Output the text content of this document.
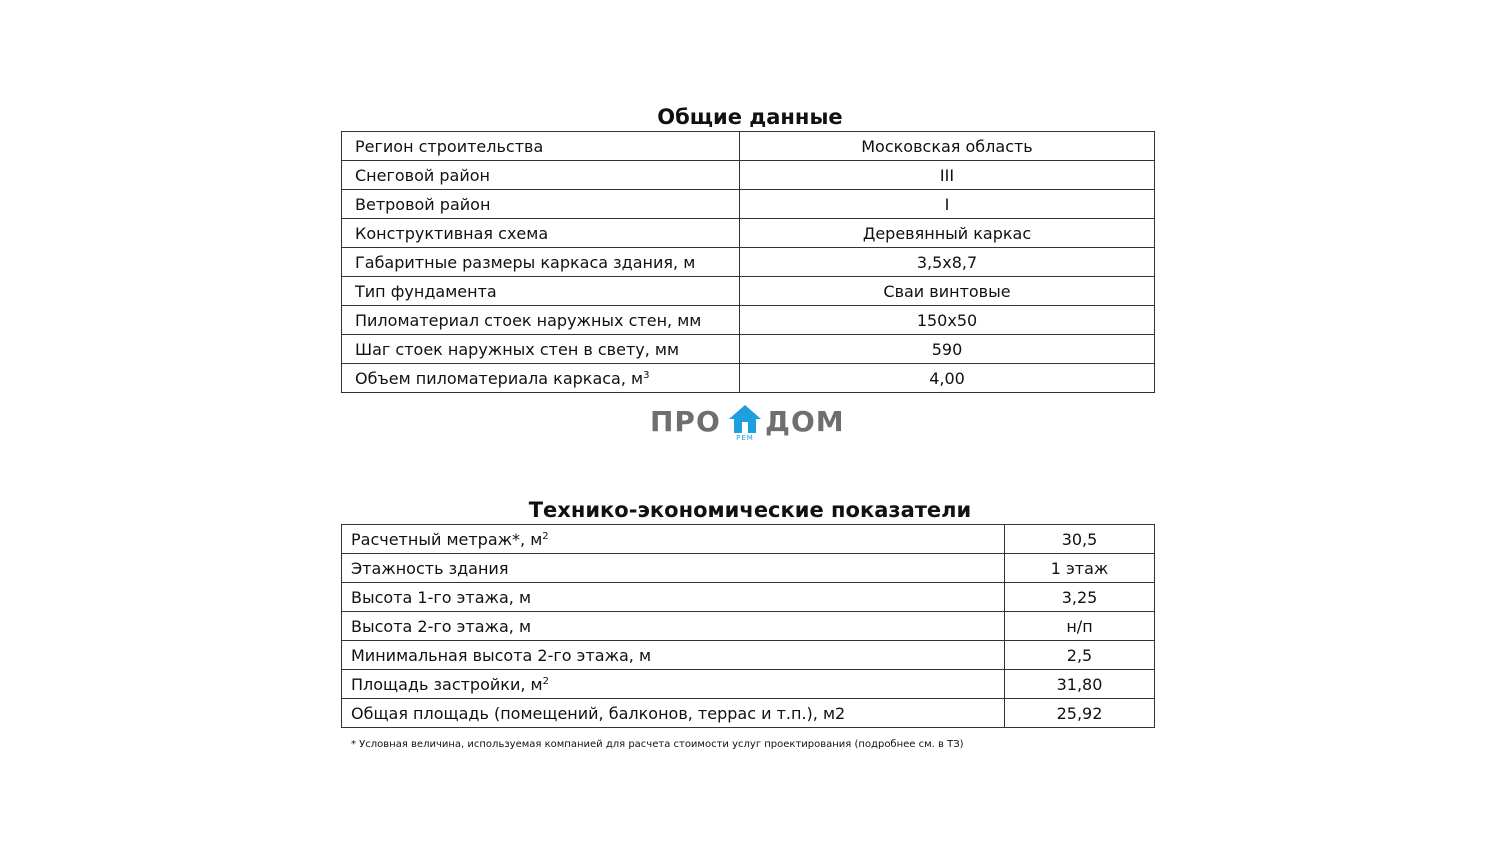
Общие данные
Регион строительства	Московская область
Снеговой район	III
Ветровой район	I
Конструктивная схема	Деревянный каркас
Габаритные размеры каркаса здания, м	3,5х8,7
Тип фундамента	Сваи винтовые
Пиломатериал стоек наружных стен, мм	150х50
Шаг стоек наружных стен в свету, мм	590
Объем пиломатериала каркаса, $м^3$	4,00
ПРО	РЕМ ДОМ
Технико-экономические показатели
Расчетный метраж*, $м^2$	30,5
Этажность здания	1 этаж
Высота 1-го этажа, м	3,25
Высота 2-го этажа, м	н/п
Минимальная высота 2-го этажа, м	2,5
Площадь застройки, $м^2$	31,80
Общая площадь (помещений, балконов, террас и т.п.), м2	25,92
* Условная величина, используемая компанией для расчета стоимости услуг проектирования (подробнее см. в ТЗ)
